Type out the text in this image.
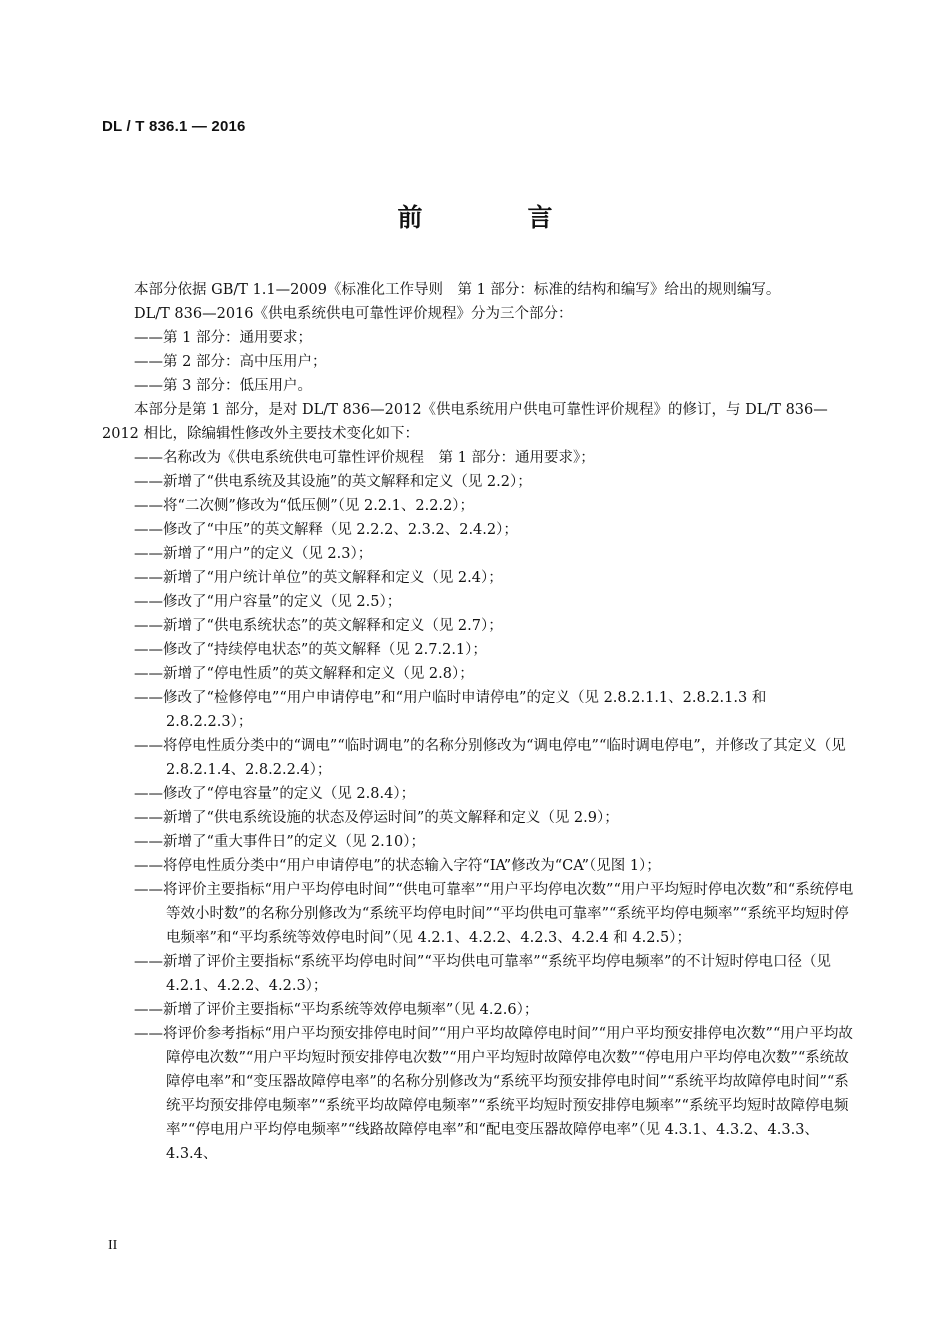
DL / T 836.1 — 2016
前　言

本部分依据 GB/T 1.1—2009《标准化工作导则　第 1 部分：标准的结构和编写》给出的规则编写。

DL/T 836—2016《供电系统供电可靠性评价规程》分为三个部分：

——第 1 部分：通用要求；

——第 2 部分：高中压用户；

——第 3 部分：低压用户。

本部分是第 1 部分，是对 DL/T 836—2012《供电系统用户供电可靠性评价规程》的修订，与 DL/T 836—2012 相比，除编辑性修改外主要技术变化如下：

——名称改为《供电系统供电可靠性评价规程　第 1 部分：通用要求》；

——新增了“供电系统及其设施”的英文解释和定义（见 2.2）；

——将“二次侧”修改为“低压侧”（见 2.2.1、2.2.2）；

——修改了“中压”的英文解释（见 2.2.2、2.3.2、2.4.2）；

——新增了“用户”的定义（见 2.3）；

——新增了“用户统计单位”的英文解释和定义（见 2.4）；

——修改了“用户容量”的定义（见 2.5）；

——新增了“供电系统状态”的英文解释和定义（见 2.7）；

——修改了“持续停电状态”的英文解释（见 2.7.2.1）；

——新增了“停电性质”的英文解释和定义（见 2.8）；

——修改了“检修停电”“用户申请停电”和“用户临时申请停电”的定义（见 2.8.2.1.1、2.8.2.1.3 和 2.8.2.2.3）；

——将停电性质分类中的“调电”“临时调电”的名称分别修改为“调电停电”“临时调电停电”，并修改了其定义（见 2.8.2.1.4、2.8.2.2.4）；

——修改了“停电容量”的定义（见 2.8.4）；

——新增了“供电系统设施的状态及停运时间”的英文解释和定义（见 2.9）；

——新增了“重大事件日”的定义（见 2.10）；

——将停电性质分类中“用户申请停电”的状态输入字符“IA”修改为“CA”（见图 1）；

——将评价主要指标“用户平均停电时间”“供电可靠率”“用户平均停电次数”“用户平均短时停电次数”和“系统停电等效小时数”的名称分别修改为“系统平均停电时间”“平均供电可靠率”“系统平均停电频率”“系统平均短时停电频率”和“平均系统等效停电时间”（见 4.2.1、4.2.2、4.2.3、4.2.4 和 4.2.5）；

——新增了评价主要指标“系统平均停电时间”“平均供电可靠率”“系统平均停电频率”的不计短时停电口径（见 4.2.1、4.2.2、4.2.3）；

——新增了评价主要指标“平均系统等效停电频率”（见 4.2.6）；

——将评价参考指标“用户平均预安排停电时间”“用户平均故障停电时间”“用户平均预安排停电次数”“用户平均故障停电次数”“用户平均短时预安排停电次数”“用户平均短时故障停电次数”“停电用户平均停电次数”“系统故障停电率”和“变压器故障停电率”的名称分别修改为“系统平均预安排停电时间”“系统平均故障停电时间”“系统平均预安排停电频率”“系统平均故障停电频率”“系统平均短时预安排停电频率”“系统平均短时故障停电频率”“停电用户平均停电频率”“线路故障停电率”和“配电变压器故障停电率”（见 4.3.1、4.3.2、4.3.3、4.3.4、

II
